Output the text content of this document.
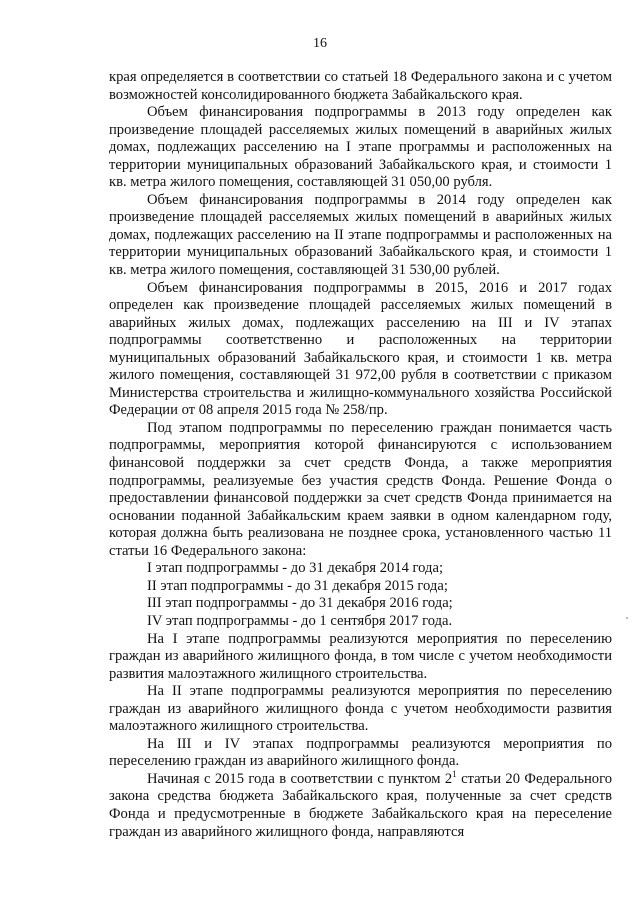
16

края определяется в соответствии со статьей 18 Федерального закона и с учетом возможностей консолидированного бюджета Забайкальского края.

Объем финансирования подпрограммы в 2013 году определен как произведение площадей расселяемых жилых помещений в аварийных жилых домах, подлежащих расселению на I этапе программы и расположенных на территории муниципальных образований Забайкальского края, и стоимости 1 кв. метра жилого помещения, составляющей 31 050,00 рубля.

Объем финансирования подпрограммы в 2014 году определен как произведение площадей расселяемых жилых помещений в аварийных жилых домах, подлежащих расселению на II этапе подпрограммы и расположенных на территории муниципальных образований Забайкальского края, и стоимости 1 кв. метра жилого помещения, составляющей 31 530,00 рублей.

Объем финансирования подпрограммы в 2015, 2016 и 2017 годах определен как произведение площадей расселяемых жилых помещений в аварийных жилых домах, подлежащих расселению на III и IV этапах подпрограммы соответственно и расположенных на территории муниципальных образований Забайкальского края, и стоимости 1 кв. метра жилого помещения, составляющей 31 972,00 рубля в соответствии с приказом Министерства строительства и жилищно-коммунального хозяйства Российской Федерации от 08 апреля 2015 года № 258/пр.

Под этапом подпрограммы по переселению граждан понимается часть подпрограммы, мероприятия которой финансируются с использованием финансовой поддержки за счет средств Фонда, а также мероприятия подпрограммы, реализуемые без участия средств Фонда. Решение Фонда о предоставлении финансовой поддержки за счет средств Фонда принимается на основании поданной Забайкальским краем заявки в одном календарном году, которая должна быть реализована не позднее срока, установленного частью 11 статьи 16 Федерального закона:

I этап подпрограммы - до 31 декабря 2014 года;

II этап подпрограммы - до 31 декабря 2015 года;

III этап подпрограммы - до 31 декабря 2016 года;

IV этап подпрограммы - до 1 сентября 2017 года.

На I этапе подпрограммы реализуются мероприятия по переселению граждан из аварийного жилищного фонда, в том числе с учетом необходимости развития малоэтажного жилищного строительства.

На II этапе подпрограммы реализуются мероприятия по переселению граждан из аварийного жилищного фонда с учетом необходимости развития малоэтажного жилищного строительства.

На III и IV этапах подпрограммы реализуются мероприятия по переселению граждан из аварийного жилищного фонда.

Начиная с 2015 года в соответствии с пунктом $2^1$ статьи 20 Федерального закона средства бюджета Забайкальского края, полученные за счет средств Фонда и предусмотренные в бюджете Забайкальского края на переселение граждан из аварийного жилищного фонда, направляются
